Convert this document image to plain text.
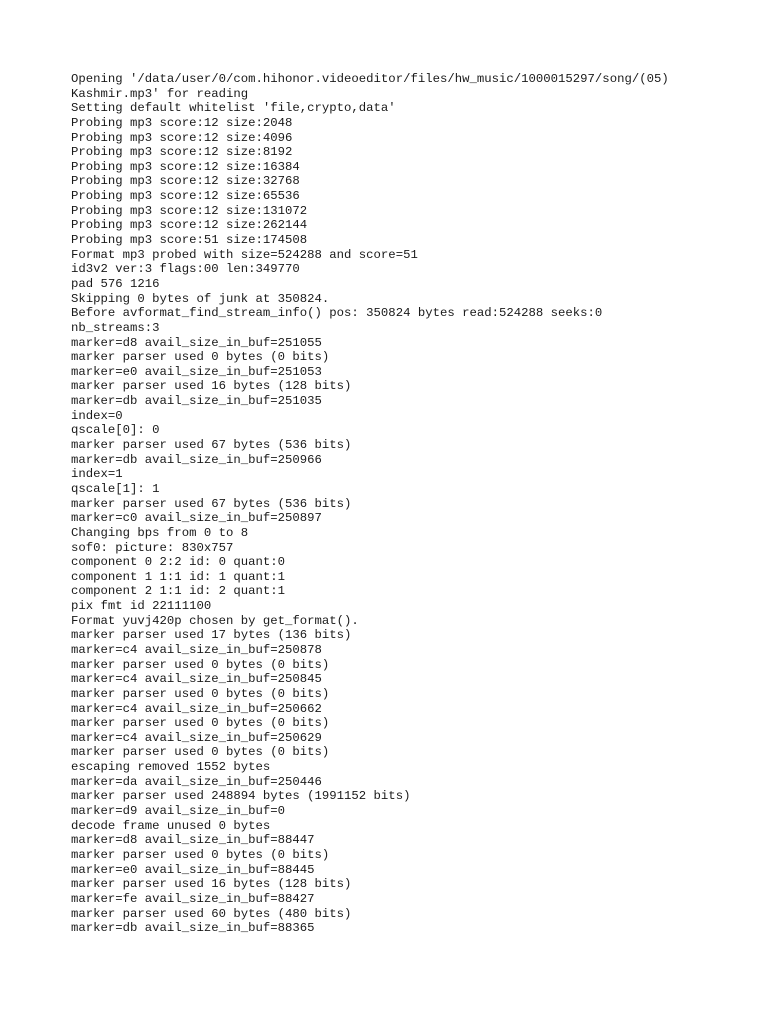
Opening '/data/user/0/com.hihonor.videoeditor/files/hw_music/1000015297/song/(05)
Kashmir.mp3' for reading
Setting default whitelist 'file,crypto,data'
Probing mp3 score:12 size:2048
Probing mp3 score:12 size:4096
Probing mp3 score:12 size:8192
Probing mp3 score:12 size:16384
Probing mp3 score:12 size:32768
Probing mp3 score:12 size:65536
Probing mp3 score:12 size:131072
Probing mp3 score:12 size:262144
Probing mp3 score:51 size:174508
Format mp3 probed with size=524288 and score=51
id3v2 ver:3 flags:00 len:349770
pad 576 1216
Skipping 0 bytes of junk at 350824.
Before avformat_find_stream_info() pos: 350824 bytes read:524288 seeks:0
nb_streams:3
marker=d8 avail_size_in_buf=251055
marker parser used 0 bytes (0 bits)
marker=e0 avail_size_in_buf=251053
marker parser used 16 bytes (128 bits)
marker=db avail_size_in_buf=251035
index=0
qscale[0]: 0
marker parser used 67 bytes (536 bits)
marker=db avail_size_in_buf=250966
index=1
qscale[1]: 1
marker parser used 67 bytes (536 bits)
marker=c0 avail_size_in_buf=250897
Changing bps from 0 to 8
sof0: picture: 830x757
component 0 2:2 id: 0 quant:0
component 1 1:1 id: 1 quant:1
component 2 1:1 id: 2 quant:1
pix fmt id 22111100
Format yuvj420p chosen by get_format().
marker parser used 17 bytes (136 bits)
marker=c4 avail_size_in_buf=250878
marker parser used 0 bytes (0 bits)
marker=c4 avail_size_in_buf=250845
marker parser used 0 bytes (0 bits)
marker=c4 avail_size_in_buf=250662
marker parser used 0 bytes (0 bits)
marker=c4 avail_size_in_buf=250629
marker parser used 0 bytes (0 bits)
escaping removed 1552 bytes
marker=da avail_size_in_buf=250446
marker parser used 248894 bytes (1991152 bits)
marker=d9 avail_size_in_buf=0
decode frame unused 0 bytes
marker=d8 avail_size_in_buf=88447
marker parser used 0 bytes (0 bits)
marker=e0 avail_size_in_buf=88445
marker parser used 16 bytes (128 bits)
marker=fe avail_size_in_buf=88427
marker parser used 60 bytes (480 bits)
marker=db avail_size_in_buf=88365
